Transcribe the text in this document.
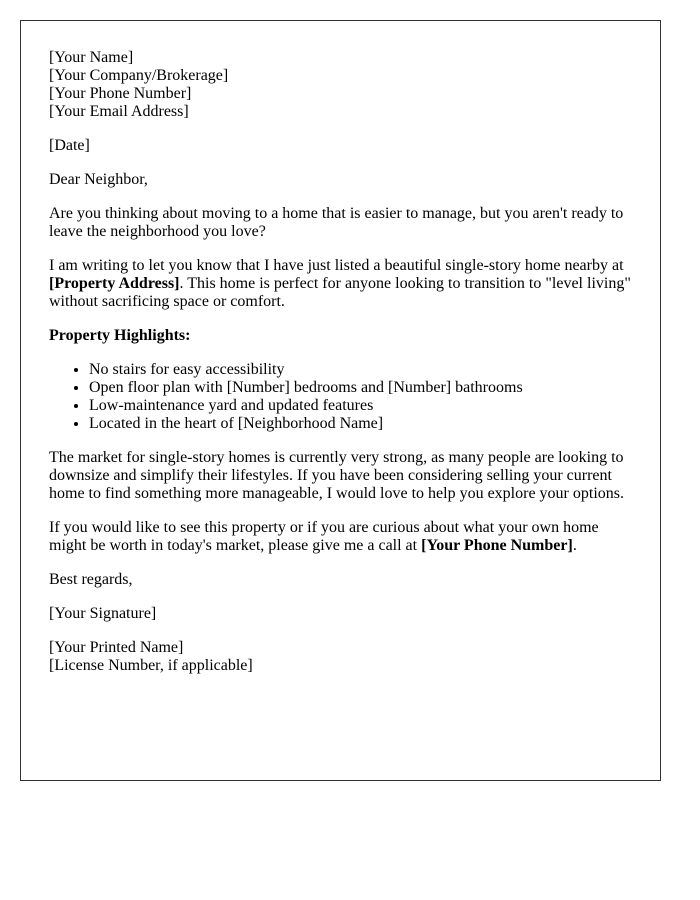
[Your Name]
[Your Company/Brokerage]
[Your Phone Number]
[Your Email Address]

[Date]

Dear Neighbor,

Are you thinking about moving to a home that is easier to manage, but you aren't ready to leave the neighborhood you love?

I am writing to let you know that I have just listed a beautiful single-story home nearby at [Property Address]. This home is perfect for anyone looking to transition to "level living" without sacrificing space or comfort.

Property Highlights:

• No stairs for easy accessibility
• Open floor plan with [Number] bedrooms and [Number] bathrooms
• Low-maintenance yard and updated features
• Located in the heart of [Neighborhood Name]

The market for single-story homes is currently very strong, as many people are looking to downsize and simplify their lifestyles. If you have been considering selling your current home to find something more manageable, I would love to help you explore your options.

If you would like to see this property or if you are curious about what your own home might be worth in today's market, please give me a call at [Your Phone Number].

Best regards,

[Your Signature]

[Your Printed Name]
[License Number, if applicable]
